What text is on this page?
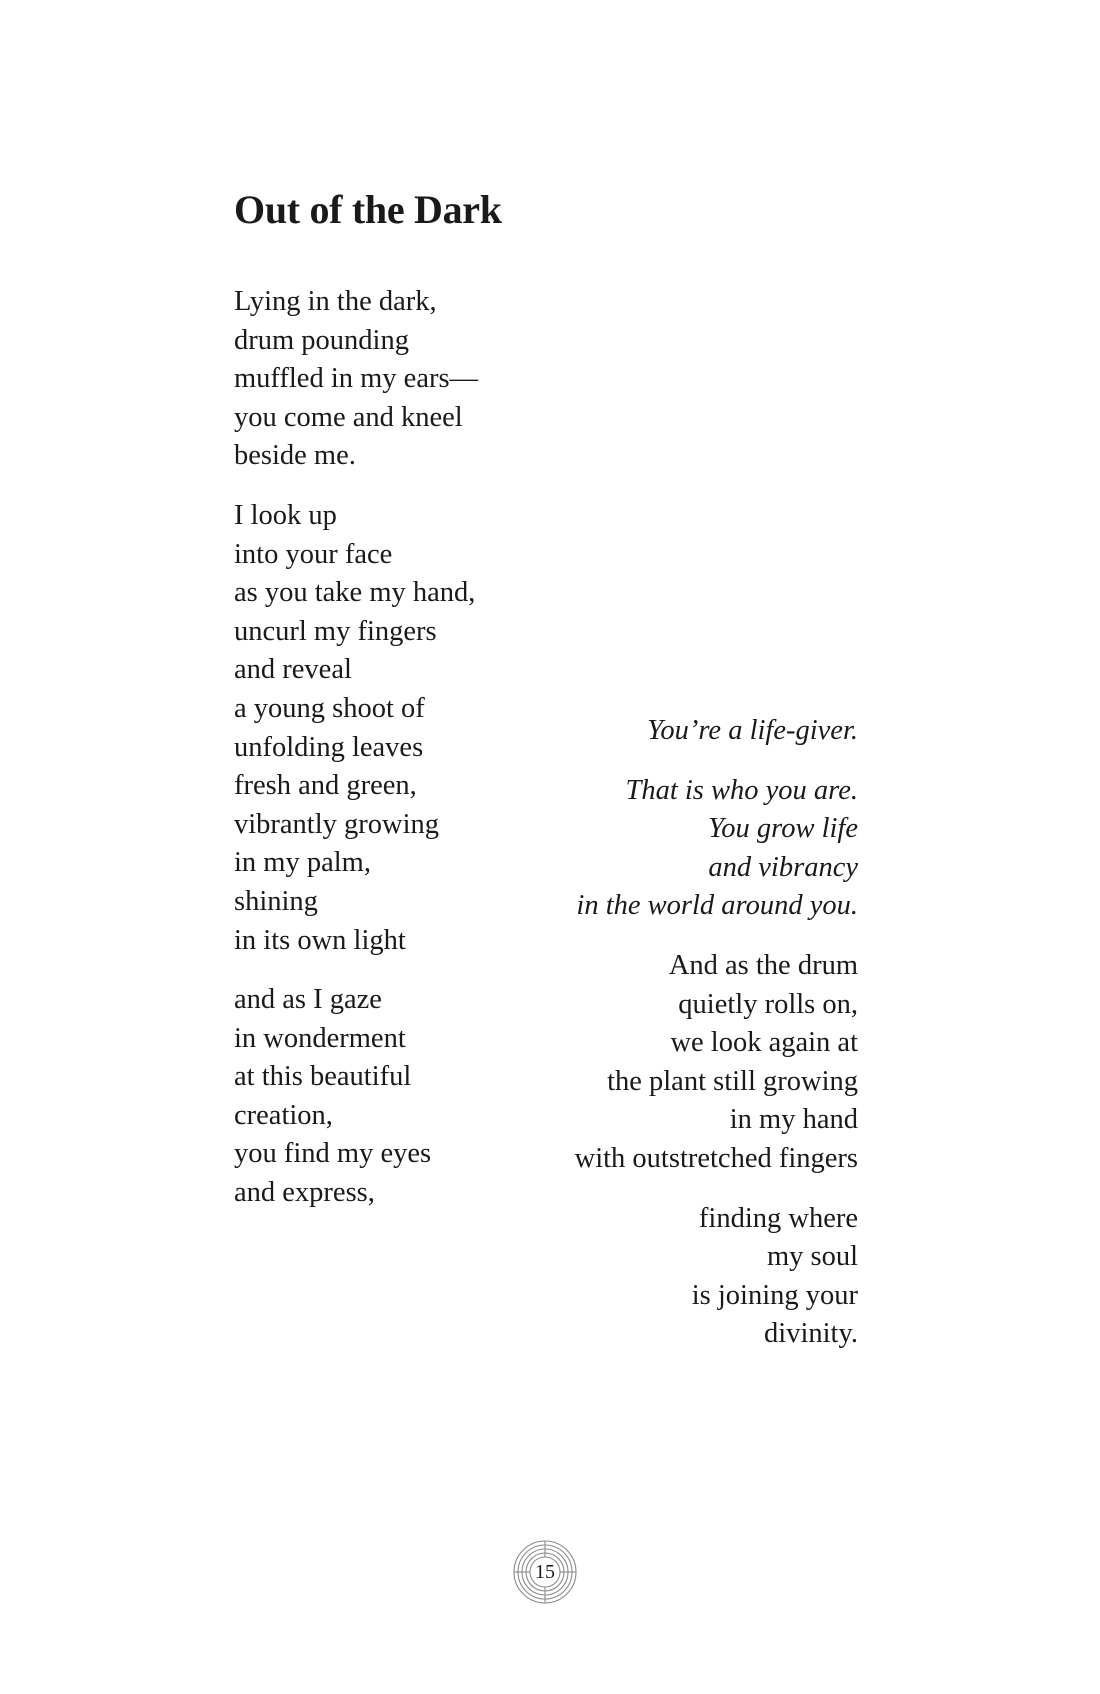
Out of the Dark

Lying in the dark,
drum pounding
muffled in my ears—
you come and kneel
beside me.

I look up
into your face
as you take my hand,
uncurl my fingers
and reveal
a young shoot of
unfolding leaves
fresh and green,
vibrantly growing
in my palm,
shining
in its own light

and as I gaze
in wonderment
at this beautiful
creation,
you find my eyes
and express,

You’re a life-giver.

That is who you are.
You grow life
and vibrancy
in the world around you.

And as the drum
quietly rolls on,
we look again at
the plant still growing
in my hand
with outstretched fingers

finding where
my soul
is joining your
divinity.

15
